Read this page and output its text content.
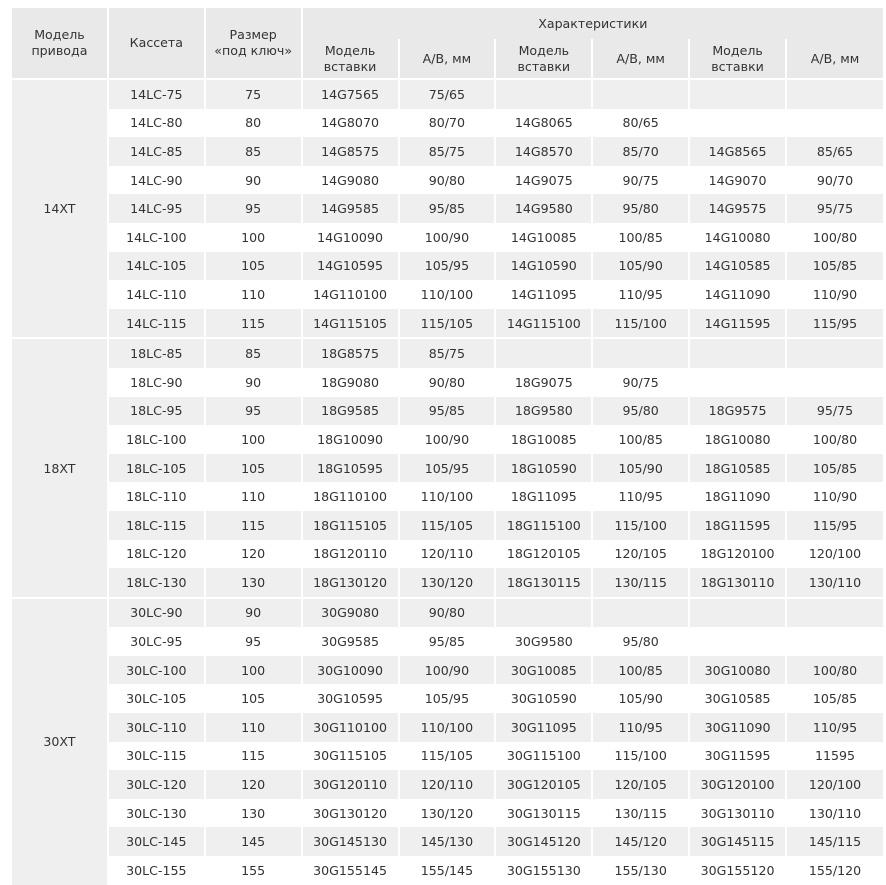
Модель привода	Кассета	Размер «под ключ»	Характеристики					
			Модель вставки	А/В, мм	Модель вставки	А/В, мм	Модель вставки	А/В, мм

14XT	14LC-75	75	14G7565	75/65				
	14LC-80	80	14G8070	80/70	14G8065	80/65		
	14LC-85	85	14G8575	85/75	14G8570	85/70	14G8565	85/65
	14LC-90	90	14G9080	90/80	14G9075	90/75	14G9070	90/70
	14LC-95	95	14G9585	95/85	14G9580	95/80	14G9575	95/75
	14LC-100	100	14G10090	100/90	14G10085	100/85	14G10080	100/80
	14LC-105	105	14G10595	105/95	14G10590	105/90	14G10585	105/85
	14LC-110	110	14G110100	110/100	14G11095	110/95	14G11090	110/90
	14LC-115	115	14G115105	115/105	14G115100	115/100	14G11595	115/95

18XT	18LC-85	85	18G8575	85/75				
	18LC-90	90	18G9080	90/80	18G9075	90/75		
	18LC-95	95	18G9585	95/85	18G9580	95/80	18G9575	95/75
	18LC-100	100	18G10090	100/90	18G10085	100/85	18G10080	100/80
	18LC-105	105	18G10595	105/95	18G10590	105/90	18G10585	105/85
	18LC-110	110	18G110100	110/100	18G11095	110/95	18G11090	110/90
	18LC-115	115	18G115105	115/105	18G115100	115/100	18G11595	115/95
	18LC-120	120	18G120110	120/110	18G120105	120/105	18G120100	120/100
	18LC-130	130	18G130120	130/120	18G130115	130/115	18G130110	130/110

30XT	30LC-90	90	30G9080	90/80				
	30LC-95	95	30G9585	95/85	30G9580	95/80		
	30LC-100	100	30G10090	100/90	30G10085	100/85	30G10080	100/80
	30LC-105	105	30G10595	105/95	30G10590	105/90	30G10585	105/85
	30LC-110	110	30G110100	110/100	30G11095	110/95	30G11090	110/95
	30LC-115	115	30G115105	115/105	30G115100	115/100	30G11595	11595
	30LC-120	120	30G120110	120/110	30G120105	120/105	30G120100	120/100
	30LC-130	130	30G130120	130/120	30G130115	130/115	30G130110	130/110
	30LC-145	145	30G145130	145/130	30G145120	145/120	30G145115	145/115
	30LC-155	155	30G155145	155/145	30G155130	155/130	30G155120	155/120
